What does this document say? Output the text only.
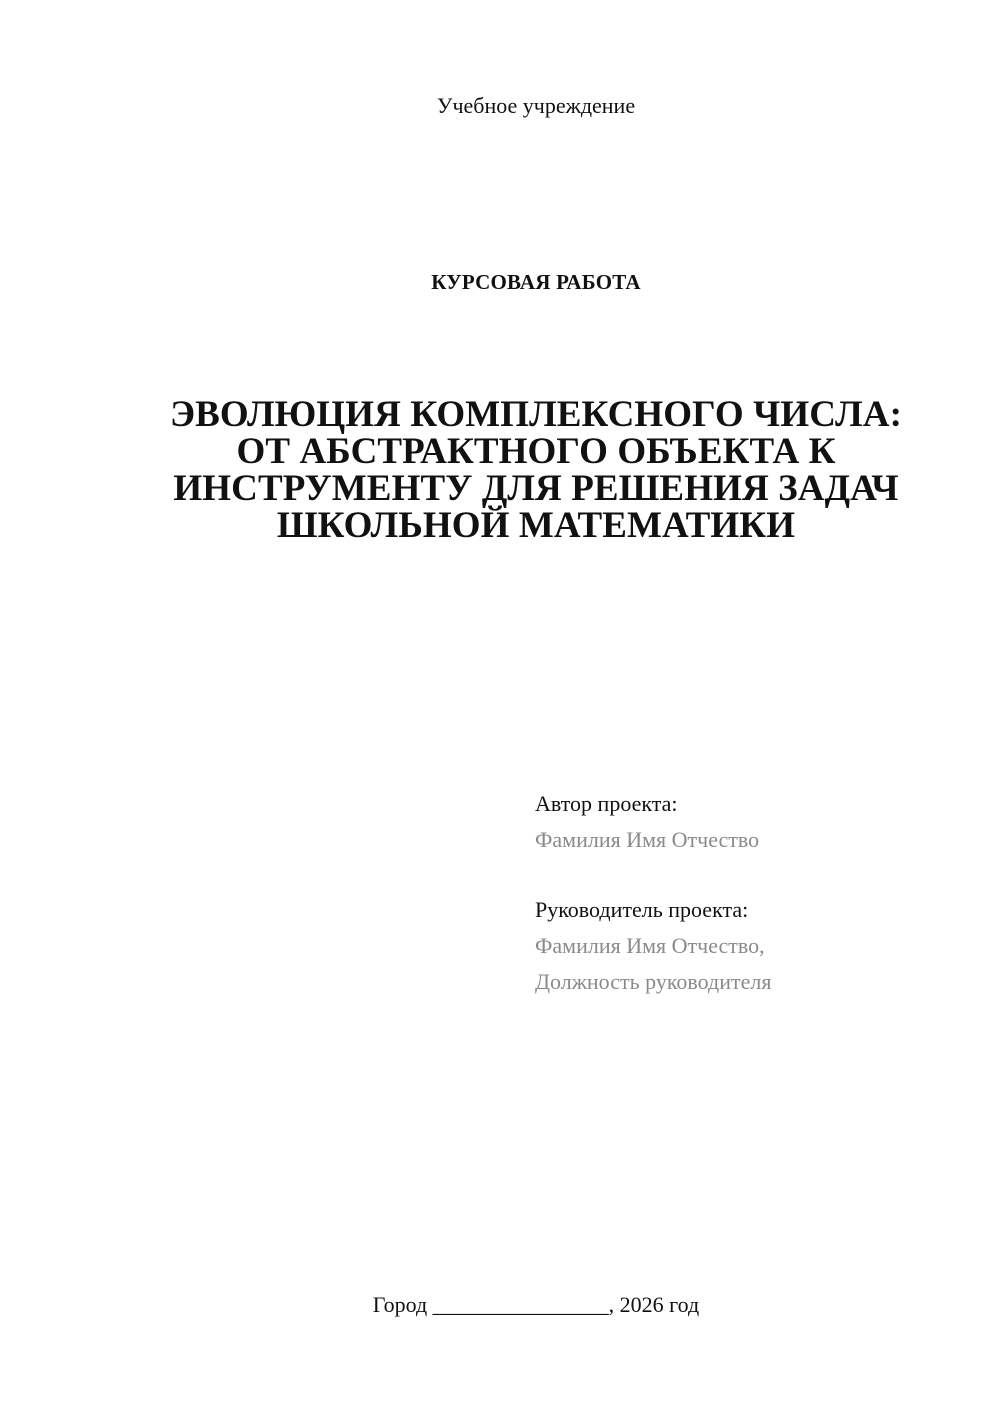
Учебное учреждение
КУРСОВАЯ РАБОТА
ЭВОЛЮЦИЯ КОМПЛЕКСНОГО ЧИСЛА:
ОТ АБСТРАКТНОГО ОБЪЕКТА К
ИНСТРУМЕНТУ ДЛЯ РЕШЕНИЯ ЗАДАЧ
ШКОЛЬНОЙ МАТЕМАТИКИ
Автор проекта:
Фамилия Имя Отчество
Руководитель проекта:
Фамилия Имя Отчество,
Должность руководителя
Город ________________, 2026 год
